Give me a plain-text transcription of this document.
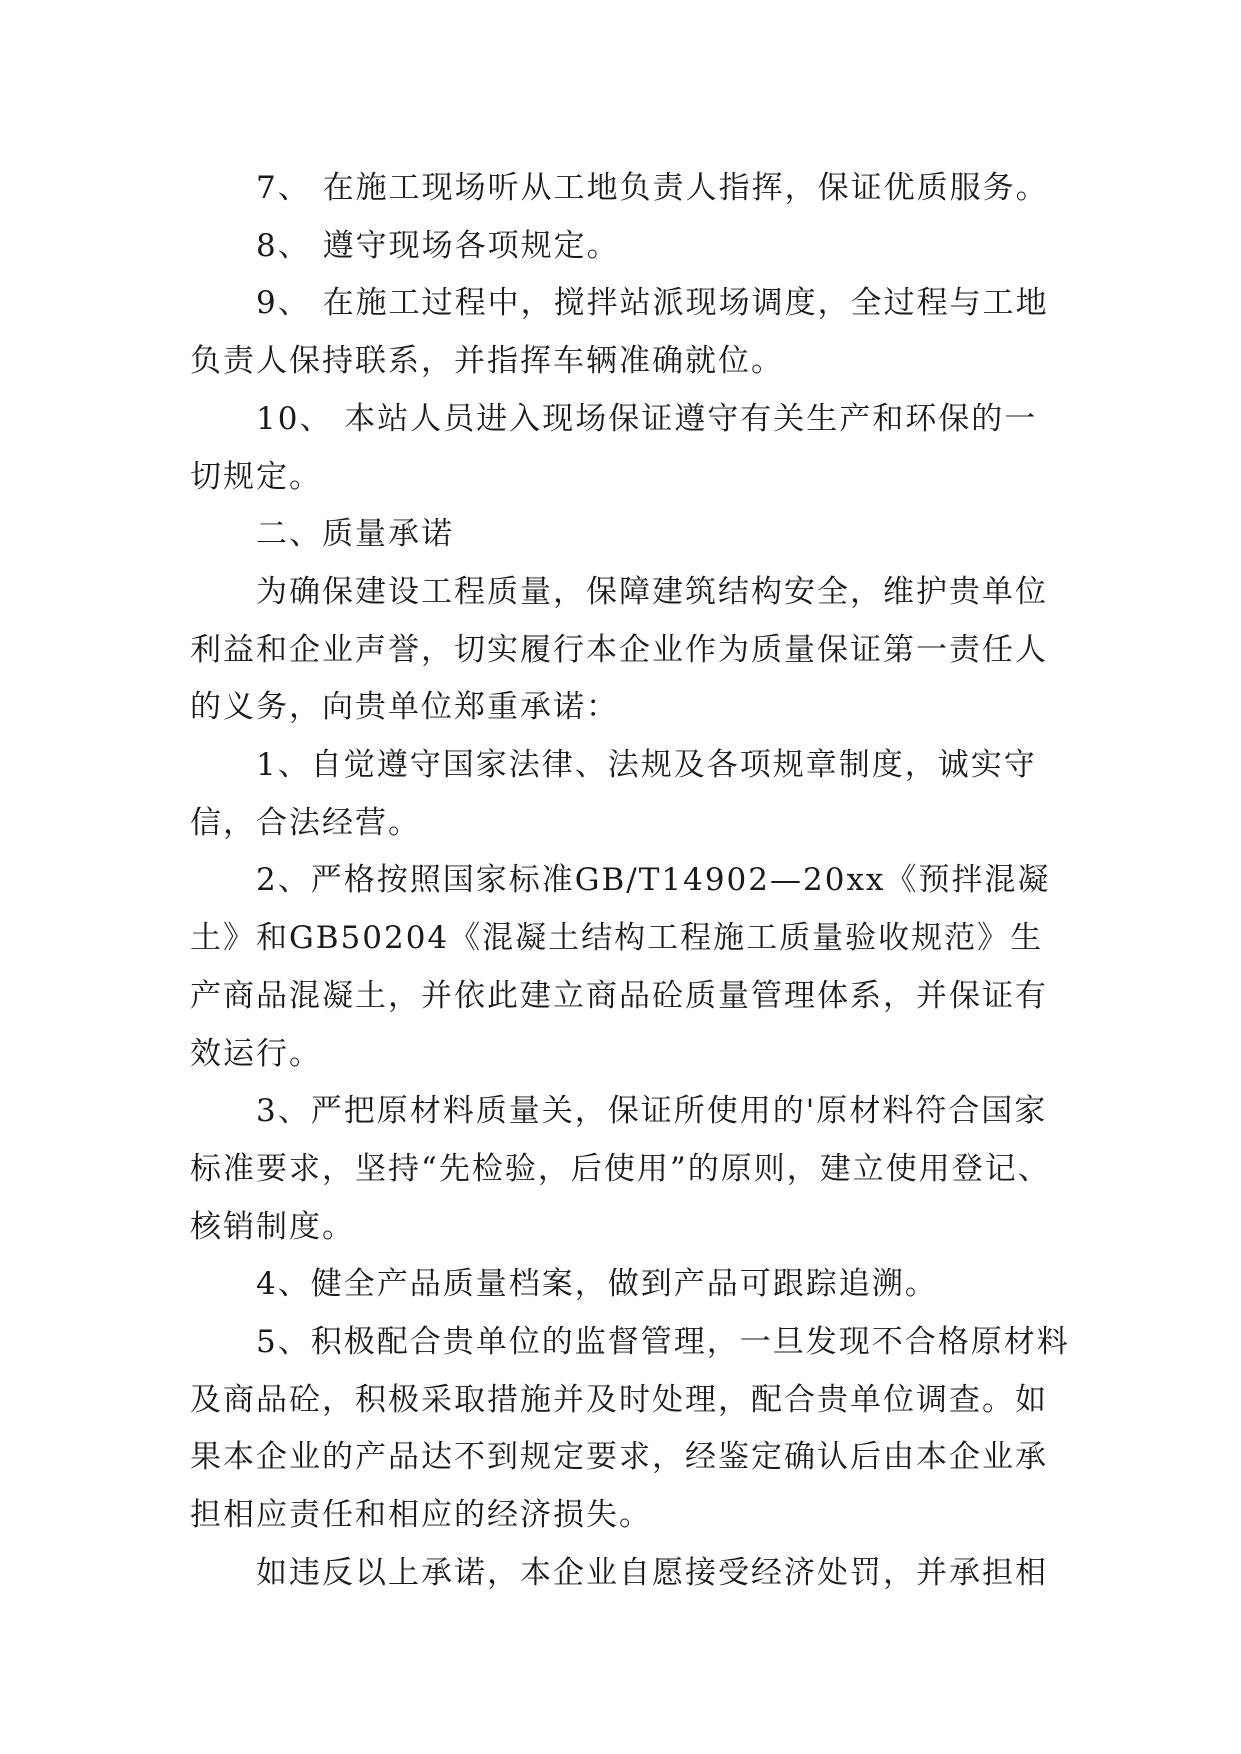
7、 在施工现场听从工地负责人指挥，保证优质服务。

8、 遵守现场各项规定。

9、 在施工过程中，搅拌站派现场调度，全过程与工地负责人保持联系，并指挥车辆准确就位。

10、 本站人员进入现场保证遵守有关生产和环保的一切规定。

二、质量承诺

为确保建设工程质量，保障建筑结构安全，维护贵单位利益和企业声誉，切实履行本企业作为质量保证第一责任人的义务，向贵单位郑重承诺：

1、自觉遵守国家法律、法规及各项规章制度，诚实守信，合法经营。

2、严格按照国家标准GB/T14902—20xx《预拌混凝土》和GB50204《混凝土结构工程施工质量验收规范》生产商品混凝土，并依此建立商品砼质量管理体系，并保证有效运行。

3、严把原材料质量关，保证所使用的'原材料符合国家标准要求，坚持“先检验，后使用”的原则，建立使用登记、核销制度。

4、健全产品质量档案，做到产品可跟踪追溯。

5、积极配合贵单位的监督管理，一旦发现不合格原材料及商品砼，积极采取措施并及时处理，配合贵单位调查。如果本企业的产品达不到规定要求，经鉴定确认后由本企业承担相应责任和相应的经济损失。

如违反以上承诺，本企业自愿接受经济处罚，并承担相
